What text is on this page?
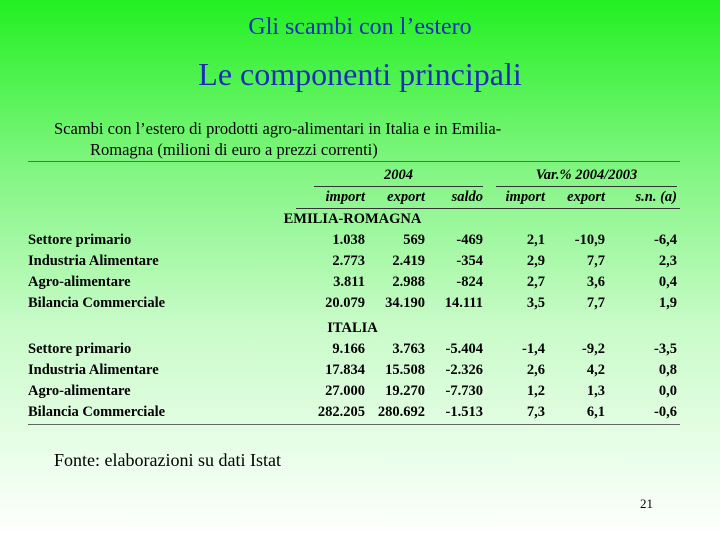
Gli scambi con l’estero
Le componenti principali
Scambi con l’estero di prodotti agro-alimentari in Italia e in Emilia-
Romagna (milioni di euro a prezzi correnti)

	2004			Var.% 2004/2003		

	import	export	saldo	import	export	s.n. (a)
EMILIA-ROMAGNA						
Settore primario	1.038	569	-469	2,1	-10,9	-6,4
Industria Alimentare	2.773	2.419	-354	2,9	7,7	2,3
Agro-alimentare	3.811	2.988	-824	2,7	3,6	0,4
Bilancia Commerciale	20.079	34.190	14.111	3,5	7,7	1,9
ITALIA						
Settore primario	9.166	3.763	-5.404	-1,4	-9,2	-3,5
Industria Alimentare	17.834	15.508	-2.326	2,6	4,2	0,8
Agro-alimentare	27.000	19.270	-7.730	1,2	1,3	0,0
Bilancia Commerciale	282.205	280.692	-1.513	7,3	6,1	-0,6
Fonte: elaborazioni su dati Istat
21
